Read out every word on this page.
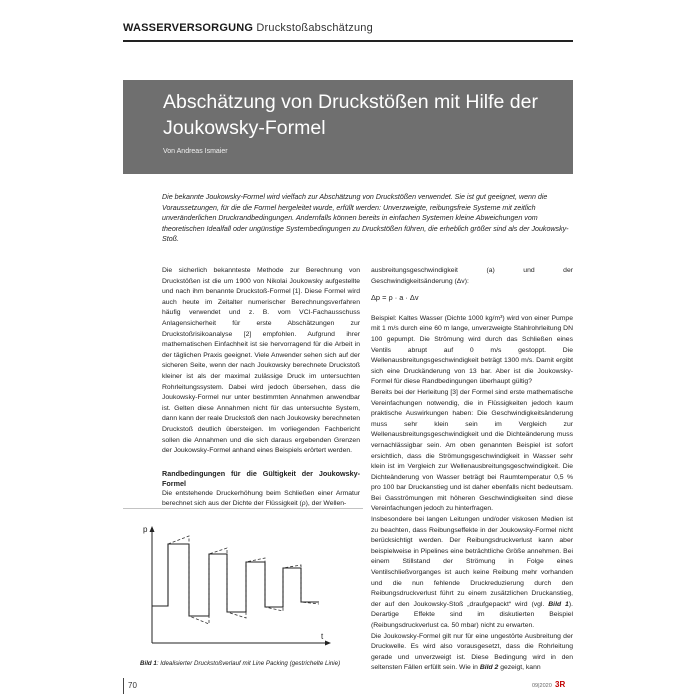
WASSERVERSORGUNG Druckstoßabschätzung
Abschätzung von Druckstößen mit Hilfe der Joukowsky-Formel
Von Andreas Ismaier

Die bekannte Joukowsky-Formel wird vielfach zur Abschätzung von Druckstößen verwendet. Sie ist gut geeignet, wenn die Voraussetzungen, für die die Formel hergeleitet wurde, erfüllt werden: Unverzweigte, reibungsfreie Systeme mit zeitlich unveränderlichen Druckrandbedingungen. Andernfalls können bereits in einfachen Systemen kleine Abweichungen vom theoretischen Idealfall oder ungünstige Systembedingungen zu Druckstößen führen, die erheblich größer sind als der Joukowsky-Stoß.

Die sicherlich bekannteste Methode zur Berechnung von Druckstößen ist die um 1900 von Nikolai Joukowsky aufgestellte und nach ihm benannte Druckstoß-Formel [1]. Diese Formel wird auch heute im Zeitalter numerischer Berechnungsverfahren häufig verwendet und z. B. vom VCI-Fachausschuss Anlagensicherheit für erste Abschätzungen zur Druckstoßrisikoanalyse [2] empfohlen. Aufgrund ihrer mathematischen Einfachheit ist sie hervorragend für die Arbeit in der täglichen Praxis geeignet. Viele Anwender sehen sich auf der sicheren Seite, wenn der nach Joukowsky berechnete Druckstoß kleiner ist als der maximal zulässige Druck im untersuchten Rohrleitungssystem. Dabei wird jedoch übersehen, dass die Joukowsky-Formel nur unter bestimmten Annahmen anwendbar ist. Gelten diese Annahmen nicht für das untersuchte System, dann kann der reale Druckstoß den nach Joukowsky berechneten Druckstoß deutlich übersteigen. Im vorliegenden Fachbericht sollen die Annahmen und die sich daraus ergebenden Grenzen der Joukowsky-Formel anhand eines Beispiels erörtert werden.

Randbedingungen für die Gültigkeit der Joukowsky-Formel

Die entstehende Druckerhöhung beim Schließen einer Armatur berechnet sich aus der Dichte der Flüssigkeit (ρ), der Wellen-

ausbreitungsgeschwindigkeit (a) und der Geschwindigkeitsänderung (Δv):

Δp = ρ · a · Δv

Beispiel: Kaltes Wasser (Dichte 1000 kg/m³) wird von einer Pumpe mit 1 m/s durch eine 60 m lange, unverzweigte Stahlrohrleitung DN 100 gepumpt. Die Strömung wird durch das Schließen eines Ventils abrupt auf 0 m/s gestoppt. Die Wellenausbreitungsgeschwindigkeit beträgt 1300 m/s. Damit ergibt sich eine Druckänderung von 13 bar. Aber ist die Joukowsky-Formel für diese Randbedingungen überhaupt gültig?

Bereits bei der Herleitung [3] der Formel sind erste mathematische Vereinfachungen notwendig, die in Flüssigkeiten jedoch kaum praktische Auswirkungen haben: Die Geschwindigkeitsänderung muss sehr klein sein im Vergleich zur Wellenausbreitungsgeschwindigkeit und die Dichteänderung muss vernachlässigbar sein. Am oben genannten Beispiel ist sofort ersichtlich, dass die Strömungsgeschwindigkeit in Wasser sehr klein ist im Vergleich zur Wellenausbreitungsgeschwindigkeit. Die Dichteänderung von Wasser beträgt bei Raumtemperatur 0,5 % pro 100 bar Druckanstieg und ist daher ebenfalls nicht bedeutsam. Bei Gasströmungen mit höheren Geschwindigkeiten sind diese Vereinfachungen jedoch zu hinterfragen.

Insbesondere bei langen Leitungen und/oder viskosen Medien ist zu beachten, dass Reibungseffekte in der Joukowsky-Formel nicht berücksichtigt werden. Der Reibungsdruckverlust kann aber beispielweise in Pipelines eine beträchtliche Größe annehmen. Bei einem Stillstand der Strömung in Folge eines Ventilschließvorganges ist auch keine Reibung mehr vorhanden und die nun fehlende Druckreduzierung durch den Reibungsdruckverlust führt zu einem zusätzlichen Druckanstieg, der auf den Joukowsky-Stoß „draufgepackt“ wird (vgl. Bild 1). Derartige Effekte sind im diskutierten Beispiel (Reibungsdruckverlust ca. 50 mbar) nicht zu erwarten.

Die Joukowsky-Formel gilt nur für eine ungestörte Ausbreitung der Druckwelle. Es wird also vorausgesetzt, dass die Rohrleitung gerade und unverzweigt ist. Diese Bedingung wird in den seltensten Fällen erfüllt sein. Wie in Bild 2 gezeigt, kann

p
t
Bild 1: Idealisierter Druckstoßverlauf mit Line Packing (gestrichelte Linie)
70	09|2020 3R
